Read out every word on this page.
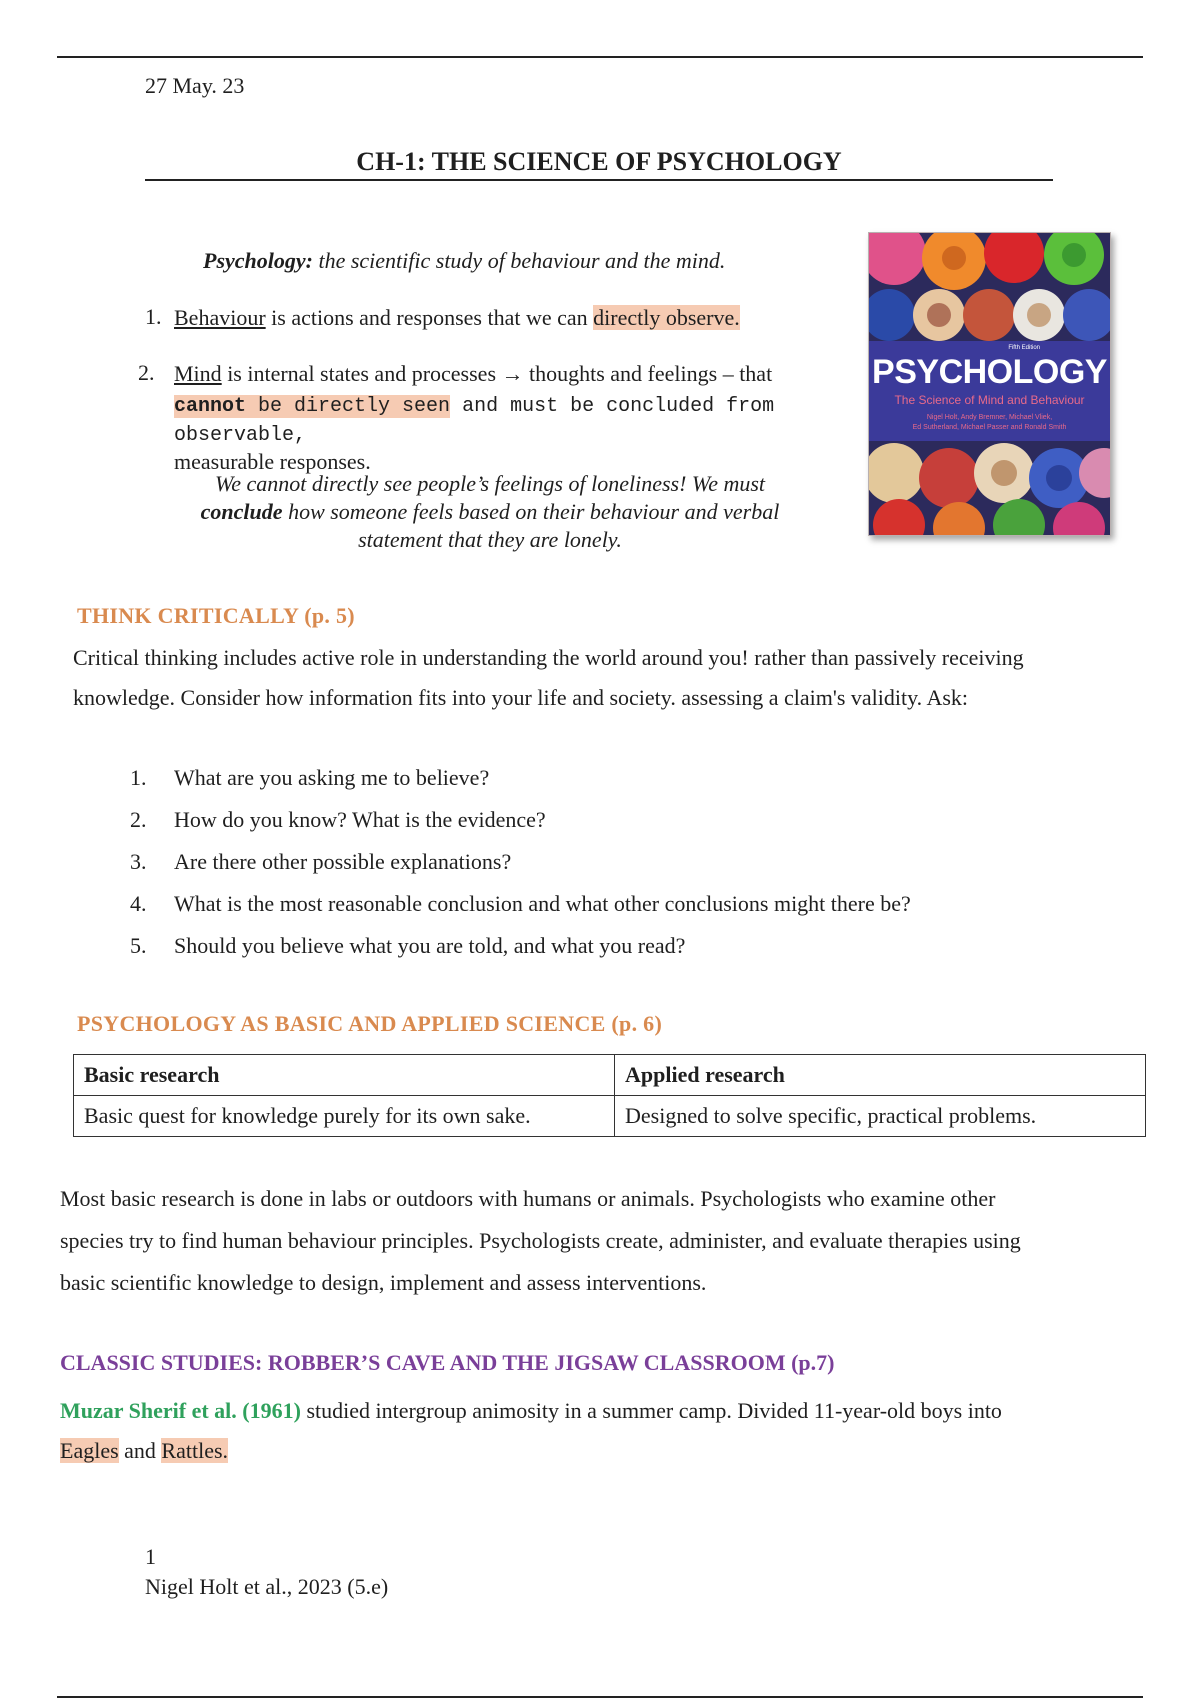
27 May. 23
CH-1: THE SCIENCE OF PSYCHOLOGY
Psychology: the scientific study of behaviour and the mind.
1. Behaviour is actions and responses that we can directly observe.
2. Mind is internal states and processes → thoughts and feelings – that
cannot be directly seen and must be concluded from observable,
measurable responses.
We cannot directly see people’s feelings of loneliness! We must
conclude how someone feels based on their behaviour and verbal
statement that they are lonely.
Fifth Edition
PSYCHOLOGY
The Science of Mind and Behaviour
Nigel Holt, Andy Bremner, Michael Vliek,
Ed Sutherland, Michael Passer and Ronald Smith
THINK CRITICALLY (p. 5)
Critical thinking includes active role in understanding the world around you! rather than passively receiving
knowledge. Consider how information fits into your life and society. assessing a claim's validity. Ask:
1. What are you asking me to believe?
2. How do you know? What is the evidence?
3. Are there other possible explanations?
4. What is the most reasonable conclusion and what other conclusions might there be?
5. Should you believe what you are told, and what you read?
PSYCHOLOGY AS BASIC AND APPLIED SCIENCE (p. 6)
Basic research	Applied research
Basic quest for knowledge purely for its own sake.	Designed to solve specific, practical problems.
Most basic research is done in labs or outdoors with humans or animals. Psychologists who examine other
species try to find human behaviour principles. Psychologists create, administer, and evaluate therapies using
basic scientific knowledge to design, implement and assess interventions.
CLASSIC STUDIES: ROBBER’S CAVE AND THE JIGSAW CLASSROOM (p.7)
Muzar Sherif et al. (1961) studied intergroup animosity in a summer camp. Divided 11-year-old boys into
Eagles and Rattles.
1
Nigel Holt et al., 2023 (5.e)
